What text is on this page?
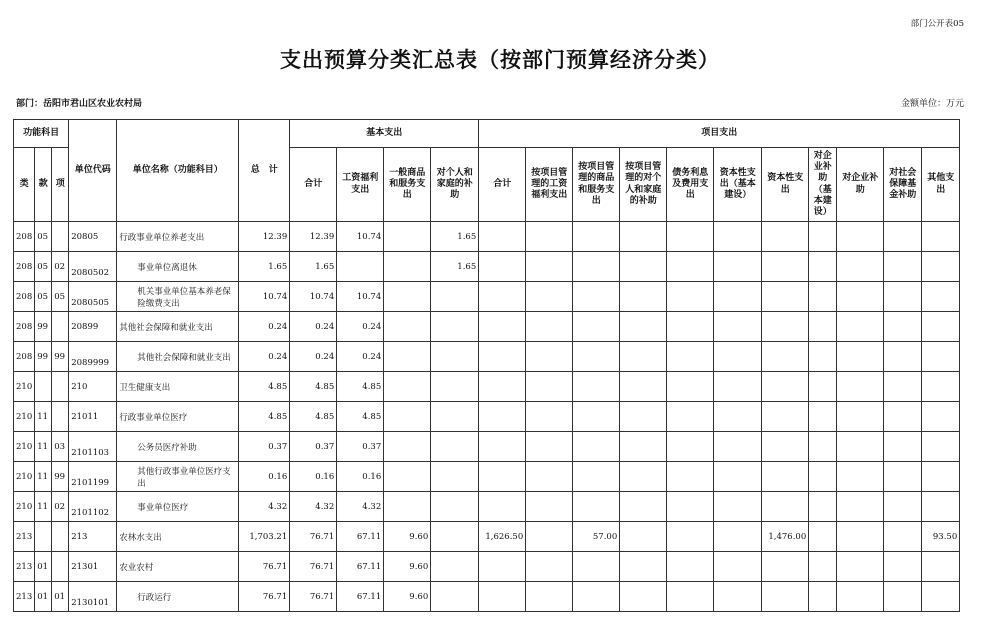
部门公开表05
支出预算分类汇总表（按部门预算经济分类）
部门：岳阳市君山区农业农村局	金额单位：万元
功能科目			单位代码	单位名称（功能科目）	总　计	基本支出				项目支出										
类	款	项				合计	工资福利支出	一般商品和服务支出	对个人和家庭的补助	合计	按项目管理的工资福利支出	按项目管理的商品和服务支出	按项目管理的对个人和家庭的补助	债务利息及费用支出	资本性支出（基本建设）	资本性支出	对企业补助（基本建设）	对企业补助	对社会保障基金补助	其他支出
208	05		20805	行政事业单位养老支出	12.39	12.39	10.74		1.65											
208	05	02	2080502	事业单位离退休	1.65	1.65			1.65											
208	05	05	2080505	机关事业单位基本养老保险缴费支出	10.74	10.74	10.74													
208	99		20899	其他社会保障和就业支出	0.24	0.24	0.24													
208	99	99	2089999	其他社会保障和就业支出	0.24	0.24	0.24													
210			210	卫生健康支出	4.85	4.85	4.85													
210	11		21011	行政事业单位医疗	4.85	4.85	4.85													
210	11	03	2101103	公务员医疗补助	0.37	0.37	0.37													
210	11	99	2101199	其他行政事业单位医疗支出	0.16	0.16	0.16													
210	11	02	2101102	事业单位医疗	4.32	4.32	4.32													
213			213	农林水支出	1,703.21	76.71	67.11	9.60		1,626.50		57.00				1,476.00				93.50
213	01		21301	农业农村	76.71	76.71	67.11	9.60												
213	01	01	2130101	行政运行	76.71	76.71	67.11	9.60												
